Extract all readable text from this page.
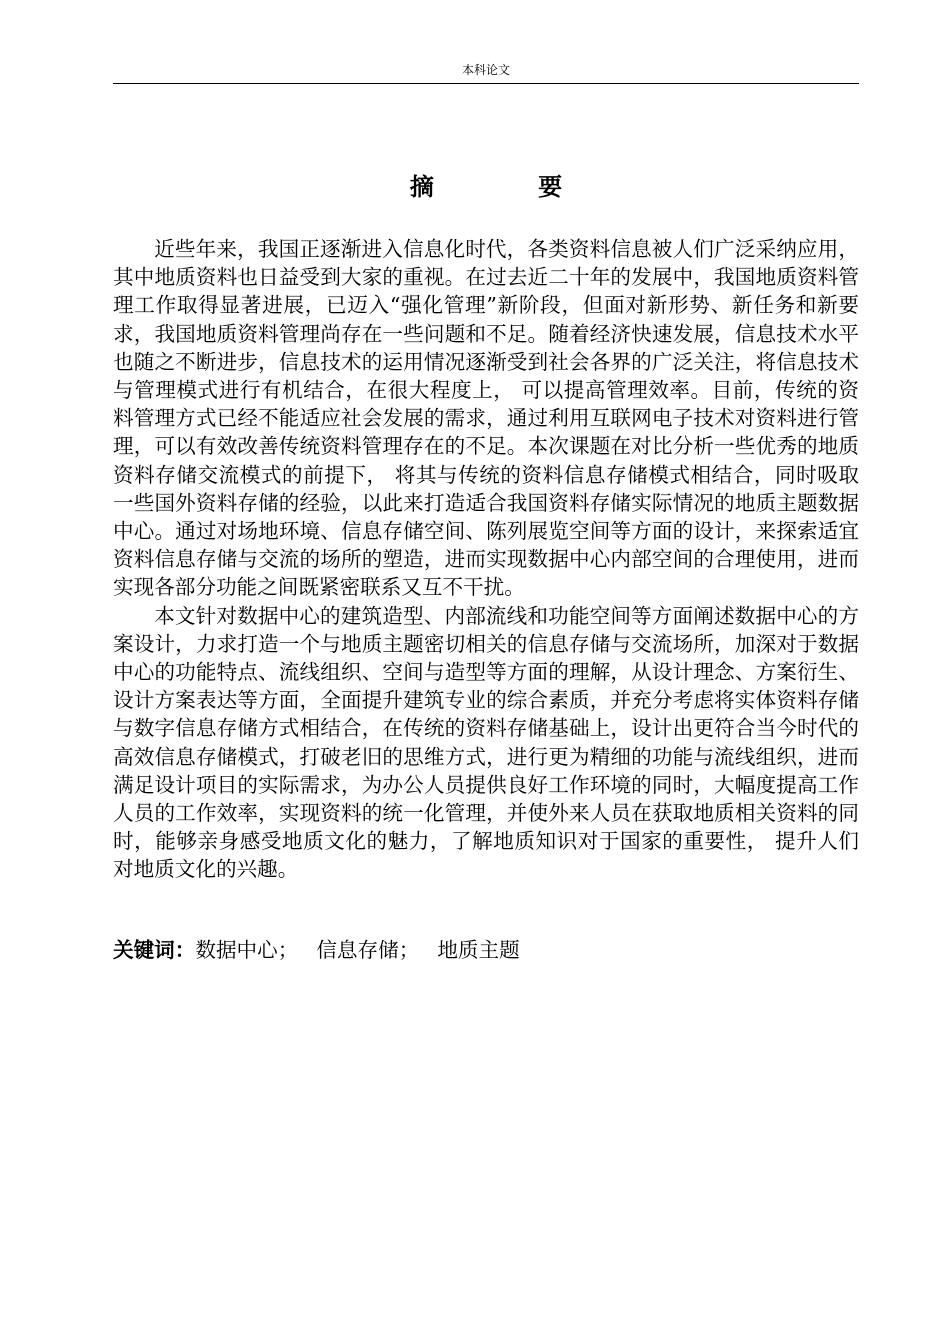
本科论文
摘 要

近些年来，我国正逐渐进入信息化时代，各类资料信息被人们广泛采纳应用，其中地质资料也日益受到大家的重视。在过去近二十年的发展中，我国地质资料管理工作取得显著进展，已迈入“强化管理”新阶段，但面对新形势、新任务和新要求，我国地质资料管理尚存在一些问题和不足。随着经济快速发展，信息技术水平也随之不断进步，信息技术的运用情况逐渐受到社会各界的广泛关注，将信息技术与管理模式进行有机结合，在很大程度上， 可以提高管理效率。目前，传统的资料管理方式已经不能适应社会发展的需求，通过利用互联网电子技术对资料进行管理，可以有效改善传统资料管理存在的不足。本次课题在对比分析一些优秀的地质资料存储交流模式的前提下， 将其与传统的资料信息存储模式相结合，同时吸取一些国外资料存储的经验，以此来打造适合我国资料存储实际情况的地质主题数据中心。通过对场地环境、信息存储空间、陈列展览空间等方面的设计，来探索适宜资料信息存储与交流的场所的塑造，进而实现数据中心内部空间的合理使用，进而实现各部分功能之间既紧密联系又互不干扰。

本文针对数据中心的建筑造型、内部流线和功能空间等方面阐述数据中心的方案设计，力求打造一个与地质主题密切相关的信息存储与交流场所，加深对于数据中心的功能特点、流线组织、空间与造型等方面的理解，从设计理念、方案衍生、设计方案表达等方面，全面提升建筑专业的综合素质，并充分考虑将实体资料存储与数字信息存储方式相结合，在传统的资料存储基础上，设计出更符合当今时代的高效信息存储模式，打破老旧的思维方式，进行更为精细的功能与流线组织，进而满足设计项目的实际需求，为办公人员提供良好工作环境的同时，大幅度提高工作人员的工作效率，实现资料的统一化管理，并使外来人员在获取地质相关资料的同时，能够亲身感受地质文化的魅力，了解地质知识对于国家的重要性， 提升人们对地质文化的兴趣。

关键词：数据中心； 信息存储； 地质主题
